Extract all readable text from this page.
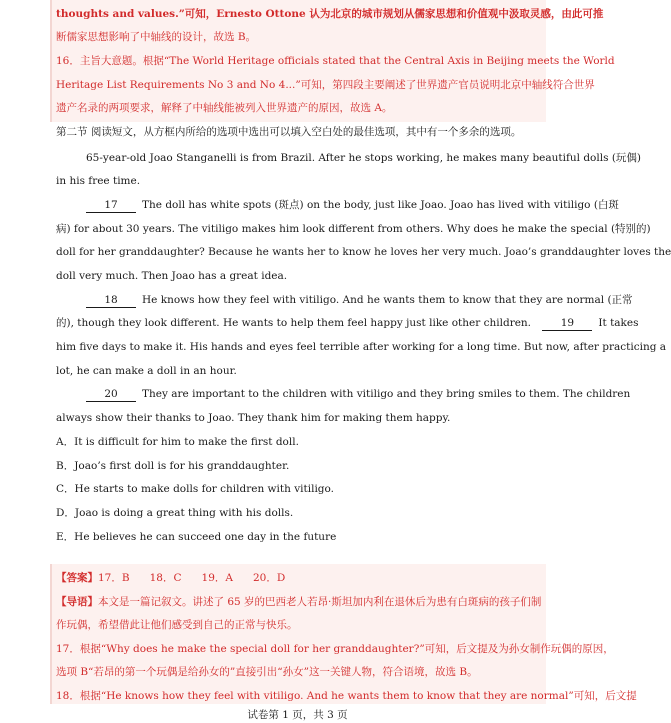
thoughts and values.”可知，Ernesto Ottone 认为北京的城市规划从儒家思想和价值观中汲取灵感，由此可推
断儒家思想影响了中轴线的设计，故选 B。
16．主旨大意题。根据“The World Heritage officials stated that the Central Axis in Beijing meets the World
Heritage List Requirements No 3 and No 4...”可知，第四段主要阐述了世界遗产官员说明北京中轴线符合世界
遗产名录的两项要求，解释了中轴线能被列入世界遗产的原因，故选 A。
第二节 阅读短文，从方框内所给的选项中选出可以填入空白处的最佳选项，其中有一个多余的选项。
65-year-old Joao Stanganelli is from Brazil. After he stops working, he makes many beautiful dolls (玩偶)
in his free time.
17 The doll has white spots (斑点) on the body, just like Joao. Joao has lived with vitiligo (白斑
病) for about 30 years. The vitiligo makes him look different from others. Why does he make the special (特别的)
doll for her granddaughter? Because he wants her to know he loves her very much. Joao’s granddaughter loves the
doll very much. Then Joao has a great idea.
18 He knows how they feel with vitiligo. And he wants them to know that they are normal (正常
的), though they look different. He wants to help them feel happy just like other children.	19 It takes
him five days to make it. His hands and eyes feel terrible after working for a long time. But now, after practicing a
lot, he can make a doll in an hour.
20 They are important to the children with vitiligo and they bring smiles to them. The children
always show their thanks to Joao. They thank him for making them happy.
A．It is difficult for him to make the first doll.
B．Joao’s first doll is for his granddaughter.
C．He starts to make dolls for children with vitiligo.
D．Joao is doing a great thing with his dolls.
E．He believes he can succeed one day in the future
【答案】17．B      18．C      19．A      20．D
【导语】本文是一篇记叙文。讲述了 65 岁的巴西老人若昂·斯坦加内利在退休后为患有白斑病的孩子们制
作玩偶，希望借此让他们感受到自己的正常与快乐。
17．根据“Why does he make the special doll for her granddaughter?”可知，后文提及为孙女制作玩偶的原因，
选项 B“若昂的第一个玩偶是给孙女的”直接引出“孙女”这一关键人物，符合语境，故选 B。
18．根据“He knows how they feel with vitiligo. And he wants them to know that they are normal”可知，后文提
试卷第 1 页，共 3 页
